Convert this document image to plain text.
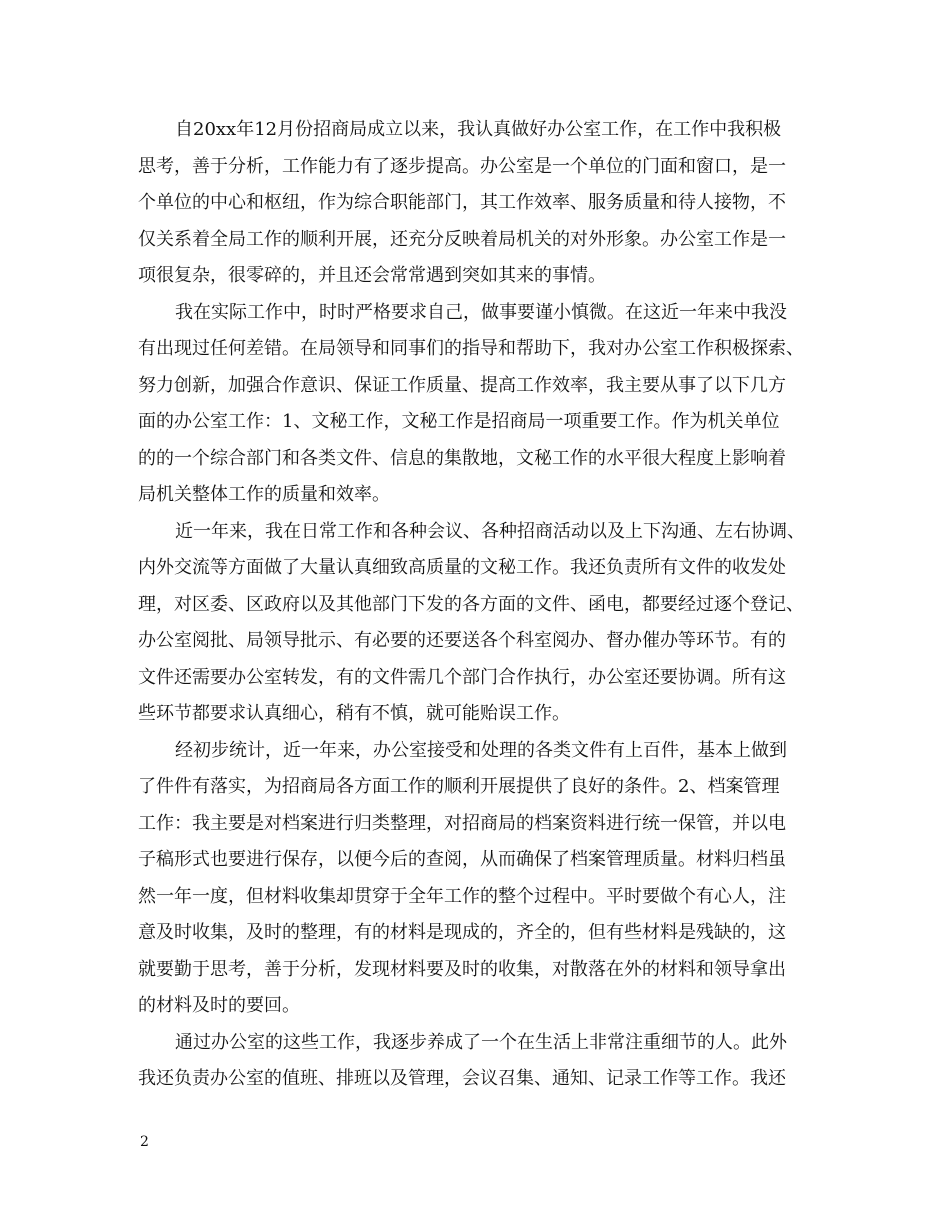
自20xx年12月份招商局成立以来，我认真做好办公室工作，在工作中我积极
思考，善于分析，工作能力有了逐步提高。办公室是一个单位的门面和窗口，是一
个单位的中心和枢纽，作为综合职能部门，其工作效率、服务质量和待人接物，不
仅关系着全局工作的顺利开展，还充分反映着局机关的对外形象。办公室工作是一
项很复杂，很零碎的，并且还会常常遇到突如其来的事情。
我在实际工作中，时时严格要求自己，做事要谨小慎微。在这近一年来中我没
有出现过任何差错。在局领导和同事们的指导和帮助下，我对办公室工作积极探索、
努力创新，加强合作意识、保证工作质量、提高工作效率，我主要从事了以下几方
面的办公室工作：1、文秘工作，文秘工作是招商局一项重要工作。作为机关单位
的的一个综合部门和各类文件、信息的集散地，文秘工作的水平很大程度上影响着
局机关整体工作的质量和效率。
近一年来，我在日常工作和各种会议、各种招商活动以及上下沟通、左右协调、
内外交流等方面做了大量认真细致高质量的文秘工作。我还负责所有文件的收发处
理，对区委、区政府以及其他部门下发的各方面的文件、函电，都要经过逐个登记、
办公室阅批、局领导批示、有必要的还要送各个科室阅办、督办催办等环节。有的
文件还需要办公室转发，有的文件需几个部门合作执行，办公室还要协调。所有这
些环节都要求认真细心，稍有不慎，就可能贻误工作。
经初步统计，近一年来，办公室接受和处理的各类文件有上百件，基本上做到
了件件有落实，为招商局各方面工作的顺利开展提供了良好的条件。2、档案管理
工作：我主要是对档案进行归类整理，对招商局的档案资料进行统一保管，并以电
子稿形式也要进行保存，以便今后的查阅，从而确保了档案管理质量。材料归档虽
然一年一度，但材料收集却贯穿于全年工作的整个过程中。平时要做个有心人，注
意及时收集，及时的整理，有的材料是现成的，齐全的，但有些材料是残缺的，这
就要勤于思考，善于分析，发现材料要及时的收集，对散落在外的材料和领导拿出
的材料及时的要回。
通过办公室的这些工作，我逐步养成了一个在生活上非常注重细节的人。此外
我还负责办公室的值班、排班以及管理，会议召集、通知、记录工作等工作。我还
2
